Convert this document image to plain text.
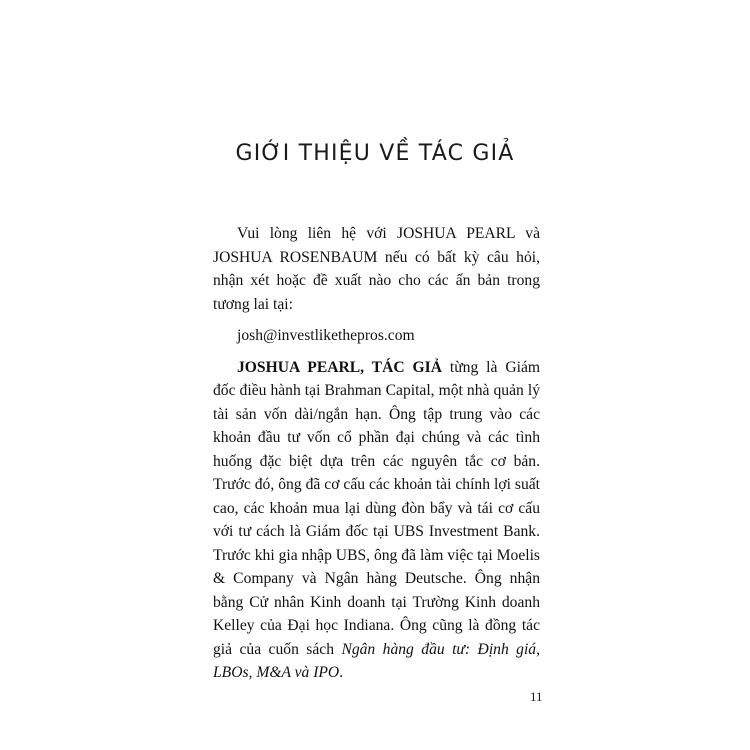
GIỚI THIỆU VỀ TÁC GIẢ

Vui lòng liên hệ với JOSHUA PEARL và JOSHUA ROSENBAUM nếu có bất kỳ câu hỏi, nhận xét hoặc đề xuất nào cho các ấn bản trong tương lai tại:

josh@investlikethepros.com

JOSHUA PEARL, TÁC GIẢ từng là Giám đốc điều hành tại Brahman Capital, một nhà quản lý tài sản vốn dài/ngắn hạn. Ông tập trung vào các khoản đầu tư vốn cổ phần đại chúng và các tình huống đặc biệt dựa trên các nguyên tắc cơ bản. Trước đó, ông đã cơ cấu các khoản tài chính lợi suất cao, các khoản mua lại dùng đòn bẩy và tái cơ cấu với tư cách là Giám đốc tại UBS Investment Bank. Trước khi gia nhập UBS, ông đã làm việc tại Moelis & Company và Ngân hàng Deutsche. Ông nhận bằng Cử nhân Kinh doanh tại Trường Kinh doanh Kelley của Đại học Indiana. Ông cũng là đồng tác giả của cuốn sách Ngân hàng đầu tư: Định giá, LBOs, M&A và IPO.

11
